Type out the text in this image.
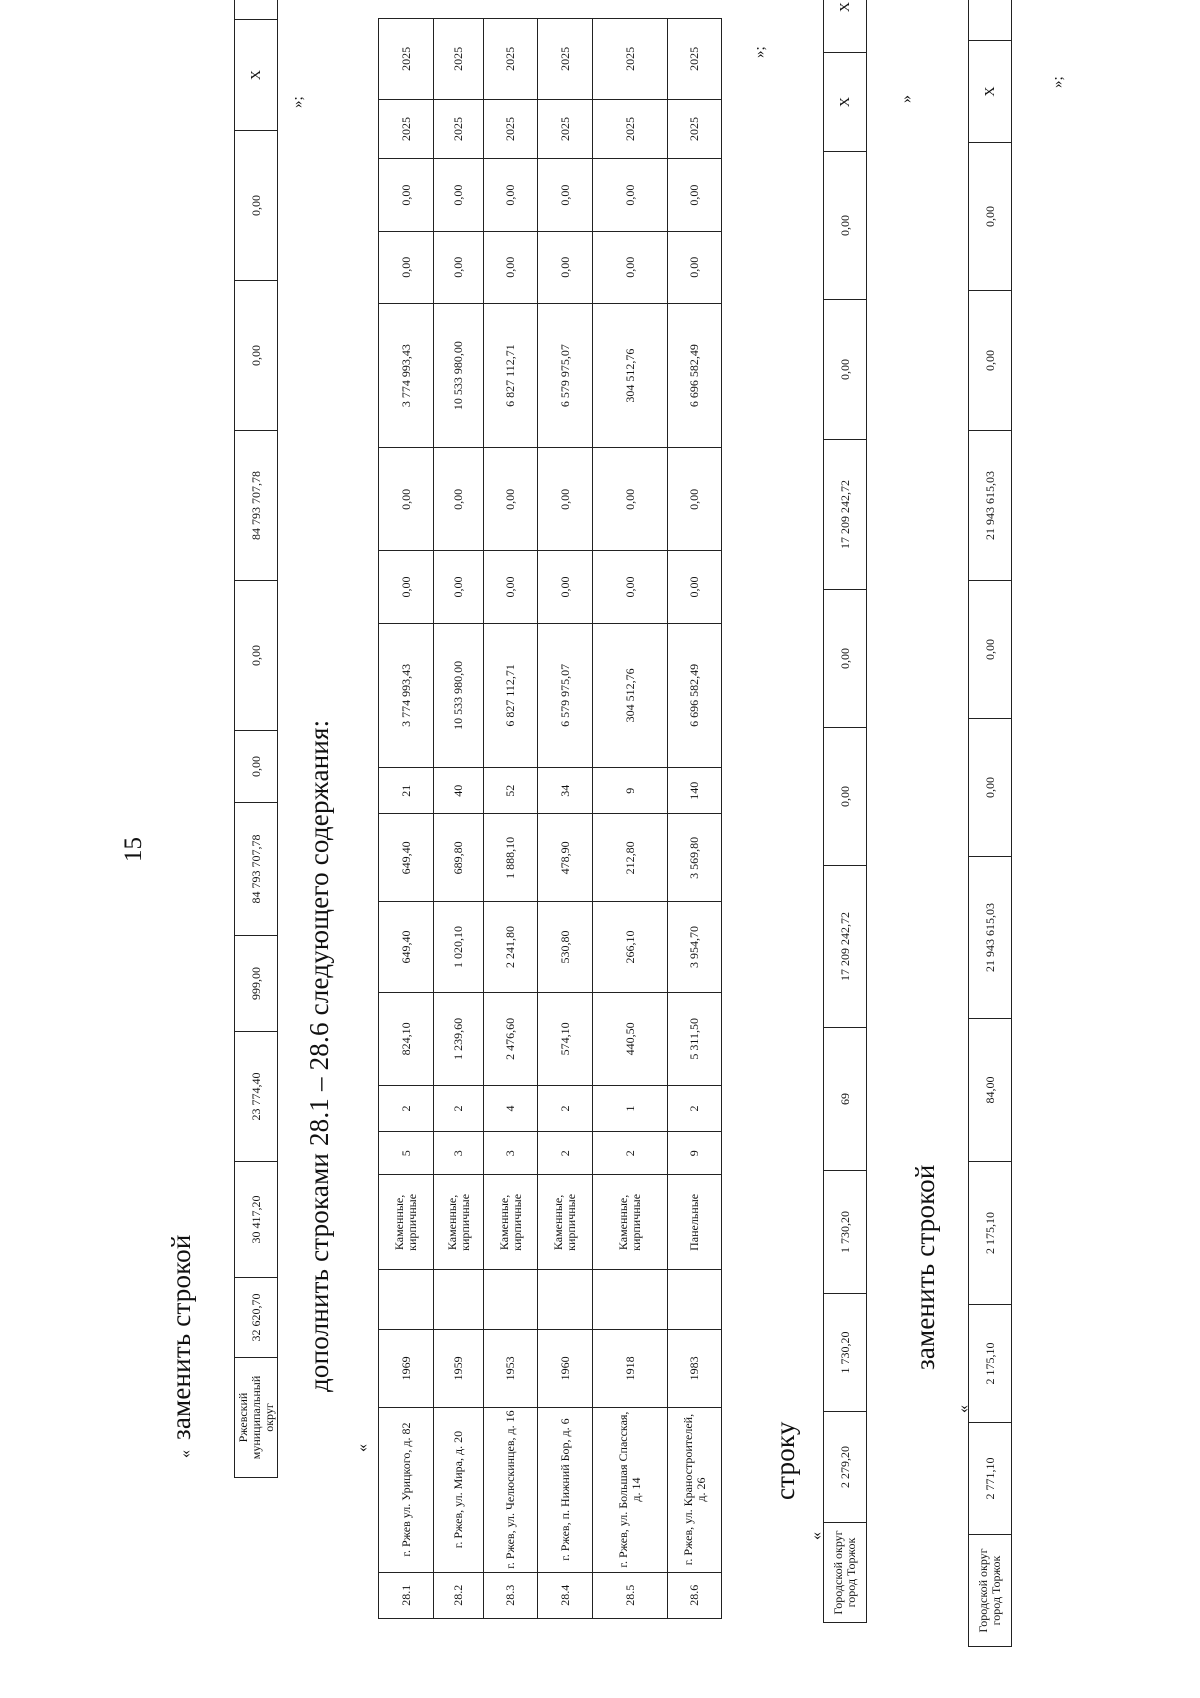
15
«
заменить строкой	Ржевский муниципальный округ	32 620,70	30 417,20	23 774,40	999,00	84 793 707,78	0,00	0,00	84 793 707,78	0,00	0,00	X	
»;
дополнить строками 28.1 – 28.6 следующего содержания:
«
28.1	г. Ржев ул. Урицкого, д. 82	1969		Каменные, кирпичные	5	2	824,10	649,40	649,40	21	3 774 993,43	0,00	0,00	3 774 993,43	0,00	0,00	2025	2025
28.2	г. Ржев, ул. Мира, д. 20	1959		Каменные, кирпичные	3	2	1 239,60	1 020,10	689,80	40	10 533 980,00	0,00	0,00	10 533 980,00	0,00	0,00	2025	2025
28.3	г. Ржев, ул. Челюскинцев, д. 16	1953		Каменные, кирпичные	3	4	2 476,60	2 241,80	1 888,10	52	6 827 112,71	0,00	0,00	6 827 112,71	0,00	0,00	2025	2025
28.4	г. Ржев, п. Нижний Бор, д. 6	1960		Каменные, кирпичные	2	2	574,10	530,80	478,90	34	6 579 975,07	0,00	0,00	6 579 975,07	0,00	0,00	2025	2025
28.5	г. Ржев, ул. Большая Спасская, д. 14	1918		Каменные, кирпичные	2	1	440,50	266,10	212,80	9	304 512,76	0,00	0,00	304 512,76	0,00	0,00	2025	2025
28.6	г. Ржев, ул. Краностроителей, д. 26	1983		Панельные	9	2	5 311,50	3 954,70	3 569,80	140	6 696 582,49	0,00	0,00	6 696 582,49	0,00	0,00	2025	2025	»;
строку
« Городской округ город Торжок	2 279,20	1 730,20	1 730,20	69	17 209 242,72	0,00	0,00	17 209 242,72	0,00	0,00	X	X
»
заменить строкой
«
Городской округ город Торжок	2 771,10	2 175,10	2 175,10	84,00	21 943 615,03	0,00	0,00	21 943 615,03	0,00	0,00	X	
»;
